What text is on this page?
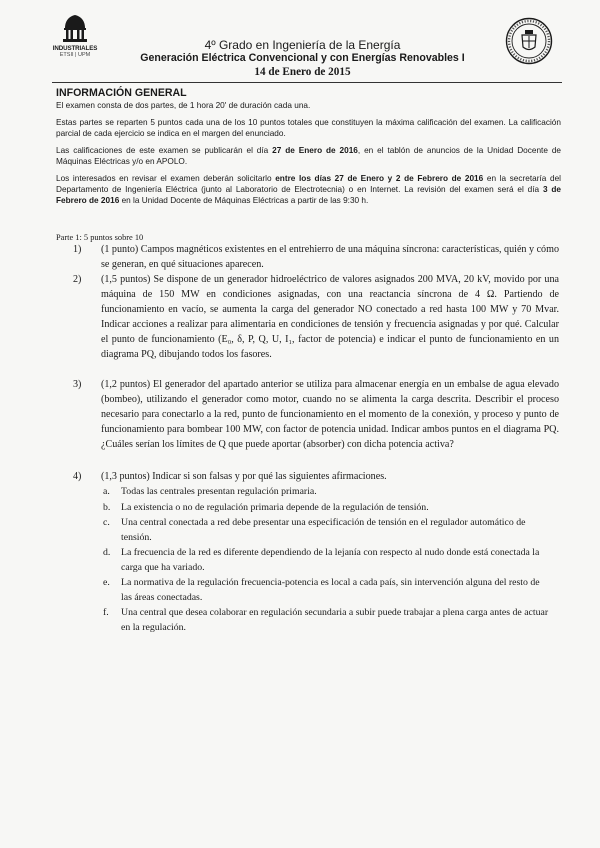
INDUSTRIALES
ETSII | UPM
4º Grado en Ingeniería de la Energía
Generación Eléctrica Convencional y con Energías Renovables I
14 de Enero de 2015
INFORMACIÓN GENERAL

El examen consta de dos partes, de 1 hora 20' de duración cada una.

Estas partes se reparten 5 puntos cada una de los 10 puntos totales que constituyen la máxima calificación del examen. La calificación parcial de cada ejercicio se indica en el margen del enunciado.

Las calificaciones de este examen se publicarán el día 27 de Enero de 2016, en el tablón de anuncios de la Unidad Docente de Máquinas Eléctricas y/o en APOLO.

Los interesados en revisar el examen deberán solicitarlo entre los días 27 de Enero y 2 de Febrero de 2016 en la secretaría del Departamento de Ingeniería Eléctrica (junto al Laboratorio de Electrotecnia) o en Internet. La revisión del examen será el día 3 de Febrero de 2016 en la Unidad Docente de Máquinas Eléctricas a partir de las 9:30 h.

Parte 1: 5 puntos sobre 10
1) (1 punto) Campos magnéticos existentes en el entrehierro de una máquina síncrona: características, quién y cómo se generan, en qué situaciones aparecen.

2) (1,5 puntos) Se dispone de un generador hidroeléctrico de valores asignados 200 MVA, 20 kV, movido por una máquina de 150 MW en condiciones asignadas, con una reactancia síncrona de 4 Ω. Partiendo de funcionamiento en vacío, se aumenta la carga del generador NO conectado a red hasta 100 MW y 70 Mvar. Indicar acciones a realizar para alimentaria en condiciones de tensión y frecuencia asignadas y por qué. Calcular el punto de funcionamiento (E₀, δ, P, Q, U, I₁, factor de potencia) e indicar el punto de funcionamiento en un diagrama PQ, dibujando todos los fasores.

3) (1,2 puntos) El generador del apartado anterior se utiliza para almacenar energía en un embalse de agua elevado (bombeo), utilizando el generador como motor, cuando no se alimenta la carga descrita. Describir el proceso necesario para conectarlo a la red, punto de funcionamiento en el momento de la conexión, y proceso y punto de funcionamiento para bombear 100 MW, con factor de potencia unidad. Indicar ambos puntos en el diagrama PQ. ¿Cuáles serían los límites de Q que puede aportar (absorber) con dicha potencia activa?

4) (1,3 puntos) Indicar si son falsas y por qué las siguientes afirmaciones.

a. Todas las centrales presentan regulación primaria.

b. La existencia o no de regulación primaria depende de la regulación de tensión.

c. Una central conectada a red debe presentar una especificación de tensión en el regulador automático de tensión.

d. La frecuencia de la red es diferente dependiendo de la lejanía con respecto al nudo donde está conectada la carga que ha variado.

e. La normativa de la regulación frecuencia-potencia es local a cada país, sin intervención alguna del resto de las áreas conectadas.

f. Una central que desea colaborar en regulación secundaria a subir puede trabajar a plena carga antes de actuar en la regulación.
